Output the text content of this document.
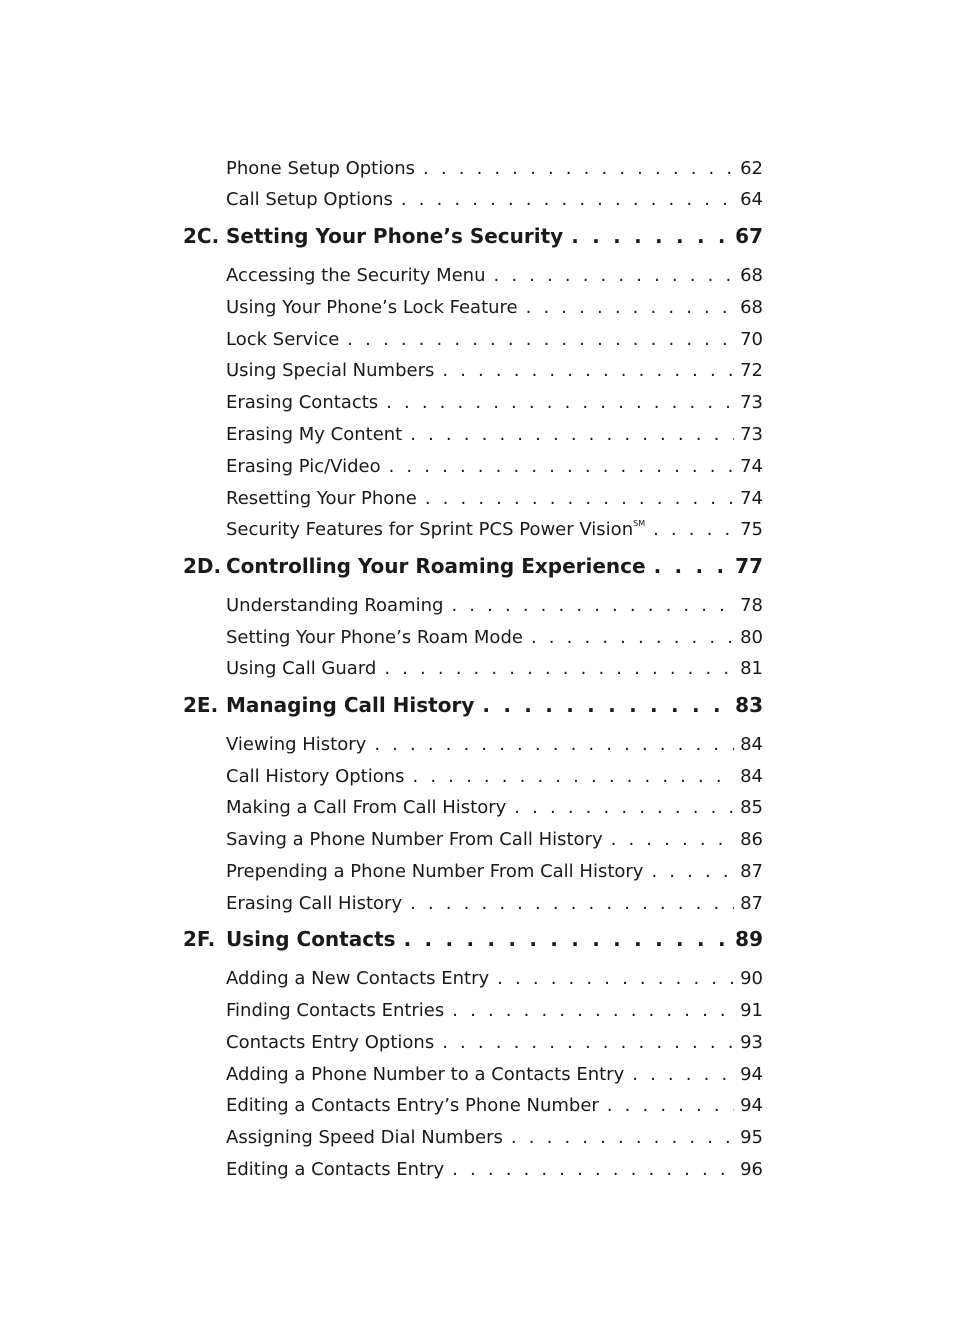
Phone Setup Options . . .	62
Call Setup Options . . .	64
2C. Setting Your Phone’s Security . . .	67
Accessing the Security Menu . . .	68
Using Your Phone’s Lock Feature . . .	68
Lock Service . . .	70
Using Special Numbers . . .	72
Erasing Contacts . . .	73
Erasing My Content . . .	73
Erasing Pic/Video . . .	74
Resetting Your Phone . . .	74
Security Features for Sprint PCS Power Vision℠ . . .	75
2D. Controlling Your Roaming Experience . . .	77
Understanding Roaming . . .	78
Setting Your Phone’s Roam Mode . . .	80
Using Call Guard . . .	81
2E. Managing Call History . . .	83
Viewing History . . .	84
Call History Options . . .	84
Making a Call From Call History . . .	85
Saving a Phone Number From Call History . . .	86
Prepending a Phone Number From Call History . . .	87
Erasing Call History . . .	87
2F. Using Contacts . . .	89
Adding a New Contacts Entry . . .	90
Finding Contacts Entries . . .	91
Contacts Entry Options . . .	93
Adding a Phone Number to a Contacts Entry . . .	94
Editing a Contacts Entry’s Phone Number . . .	94
Assigning Speed Dial Numbers . . .	95
Editing a Contacts Entry . . .	96
